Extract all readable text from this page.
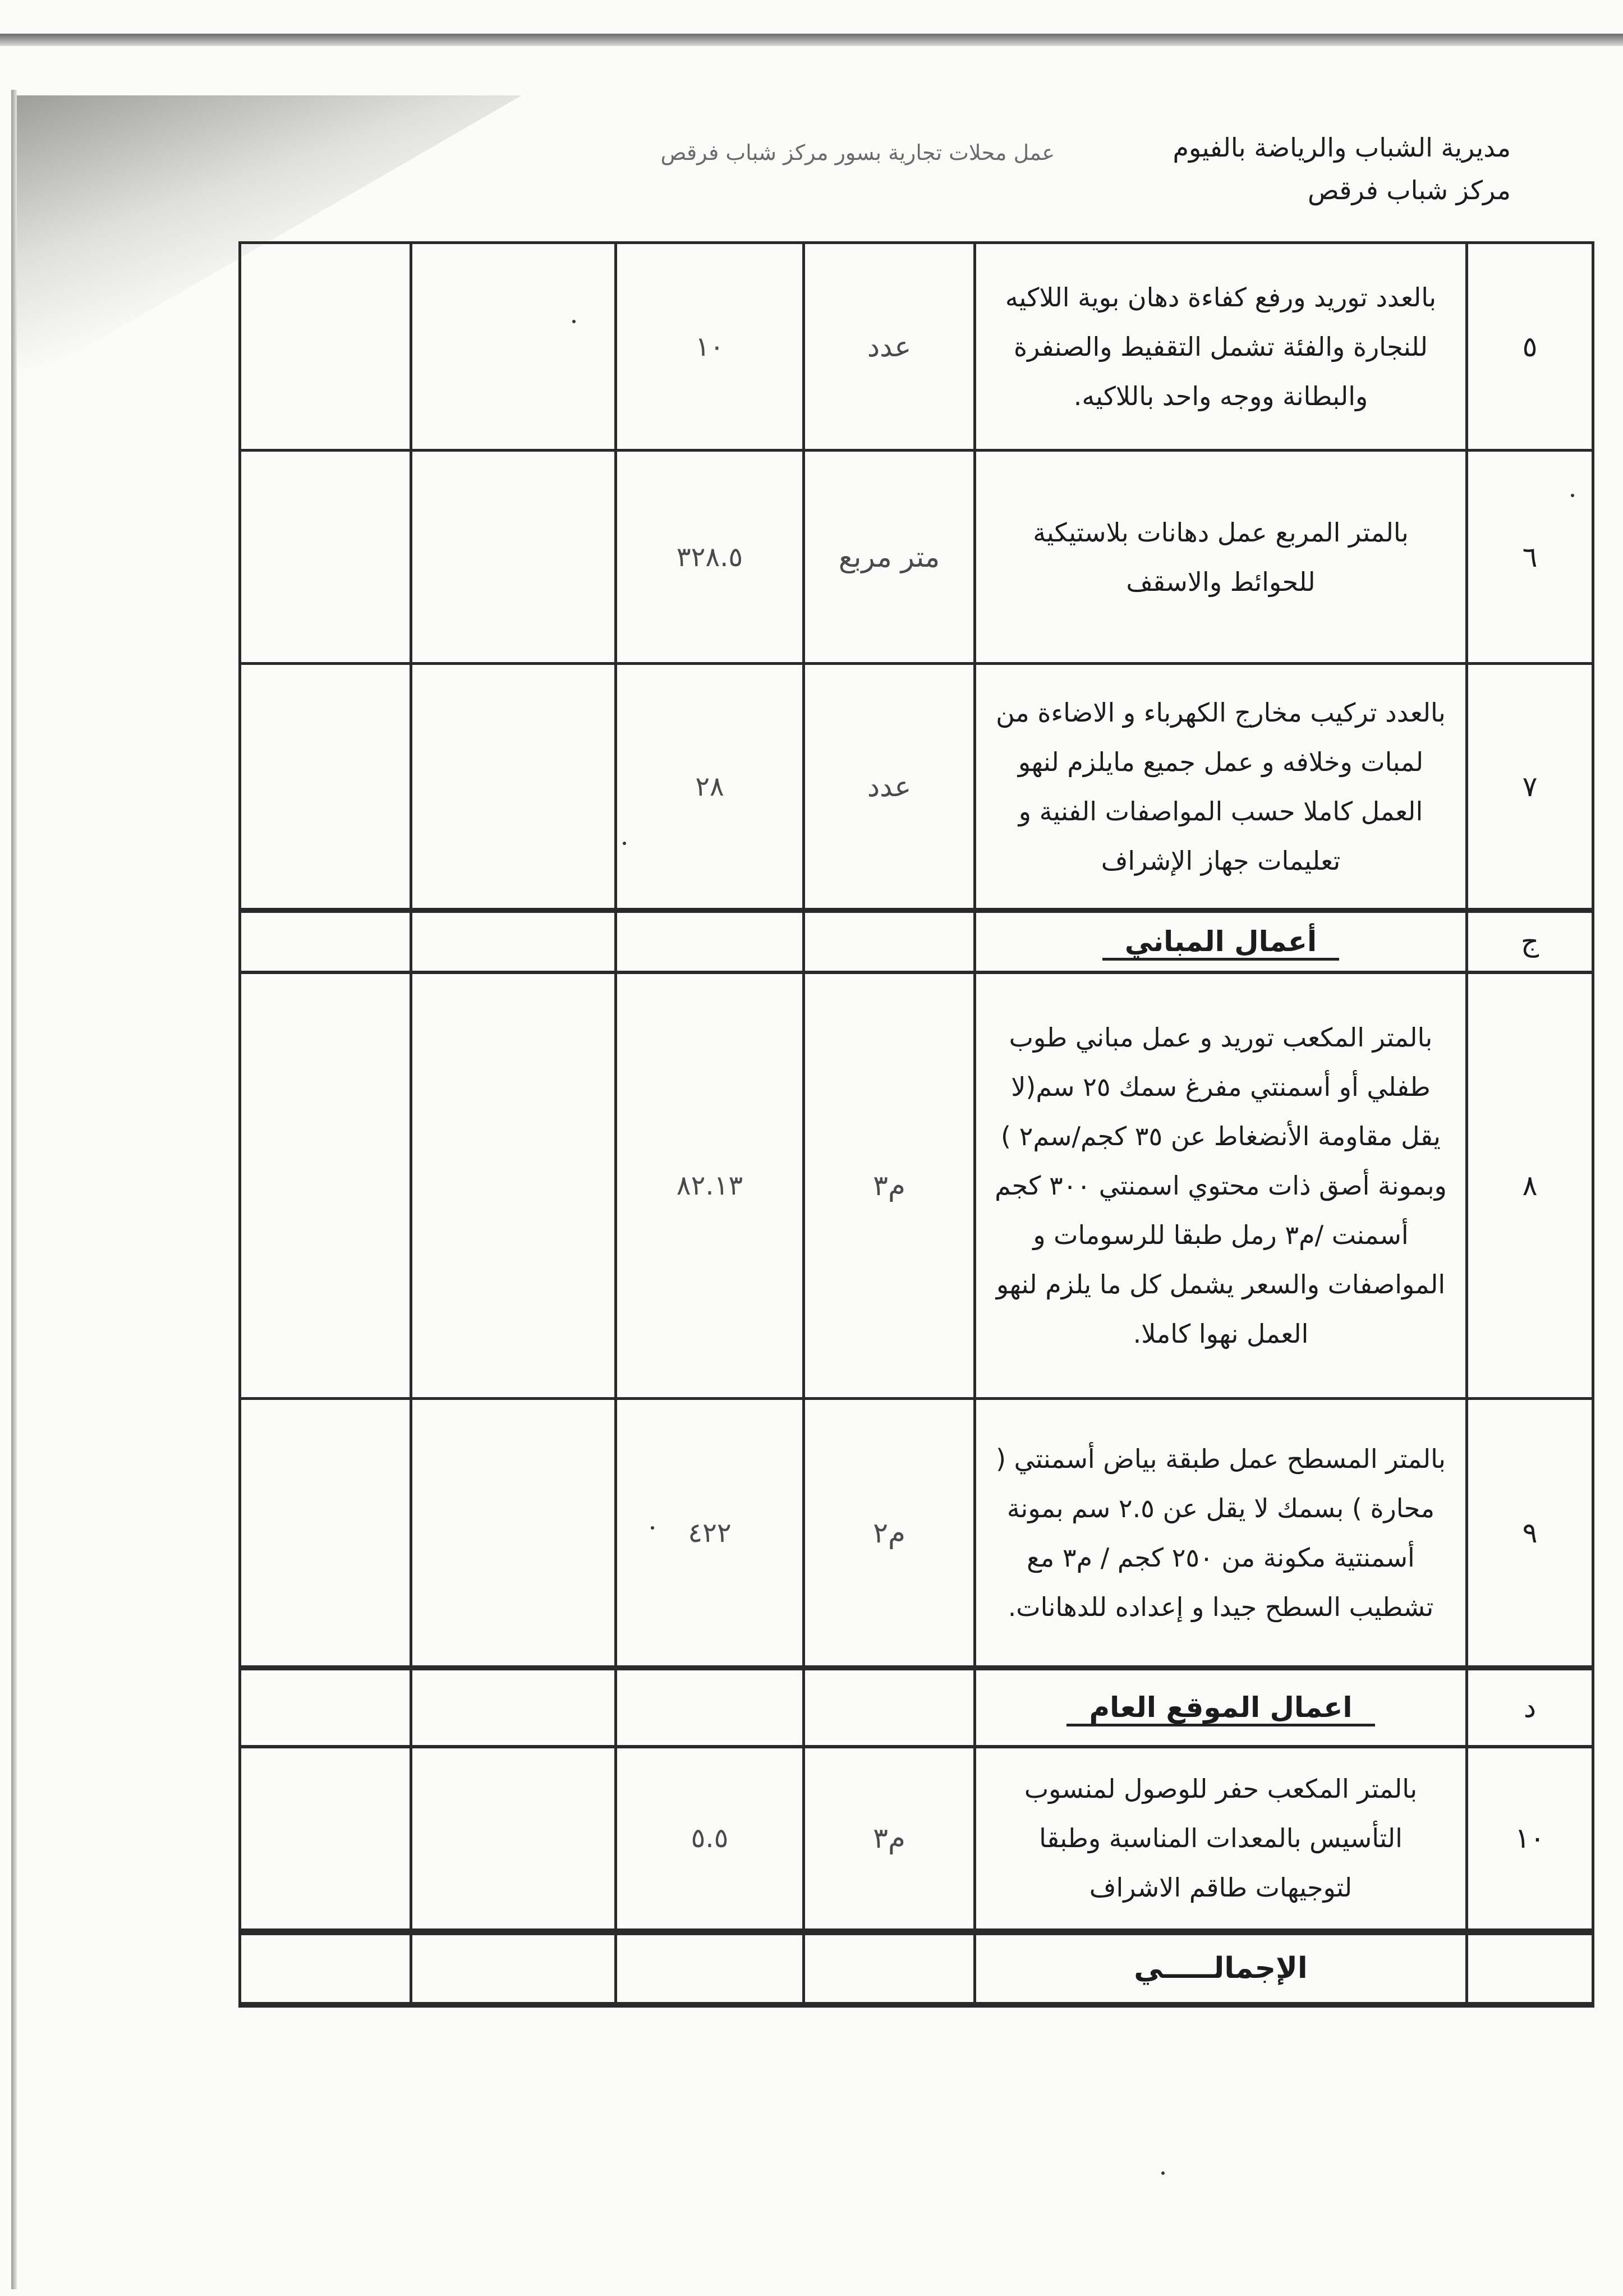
مديرية الشباب والرياضة بالفيوم
مركز شباب فرقص
عمل محلات تجارية بسور مركز شباب فرقص
٥	بالعدد توريد ورفع كفاءة دهان بوية اللاكيه للنجارة والفئة تشمل التقفيط والصنفرة والبطانة ووجه واحد باللاكيه.	عدد	١٠		
٦	بالمتر المربع عمل دهانات بلاستيكية للحوائط والاسقف	متر مربع	٣٢٨.٥		
٧	بالعدد تركيب مخارج الكهرباء و الاضاءة من لمبات وخلافه و عمل جميع مايلزم لنهو العمل كاملا حسب المواصفات الفنية و تعليمات جهاز الإشراف	عدد	٢٨		
ج	أعمال المباني				
٨	بالمتر المكعب توريد و عمل مباني طوب طفلي أو أسمنتي مفرغ سمك ٢٥ سم(لا يقل مقاومة الأنضغاط عن ٣٥ كجم/سم٢ ) وبمونة أصق ذات محتوي اسمنتي ٣٠٠ كجم أسمنت /م٣ رمل طبقا للرسومات و المواصفات والسعر يشمل كل ما يلزم لنهو العمل نهوا كاملا.	م٣	٨٢.١٣		
٩	بالمتر المسطح عمل طبقة بياض أسمنتي ( محارة ) بسمك لا يقل عن ٢.٥ سم بمونة أسمنتية مكونة من ٢٥٠ كجم / م٣ مع تشطيب السطح جيدا و إعداده للدهانات.	م٢	٤٢٢		
د	اعمال الموقع العام				
١٠	بالمتر المكعب حفر للوصول لمنسوب التأسيس بالمعدات المناسبة وطبقا لتوجيهات طاقم الاشراف	م٣	٥.٥		
	الإجمالـــــي				
